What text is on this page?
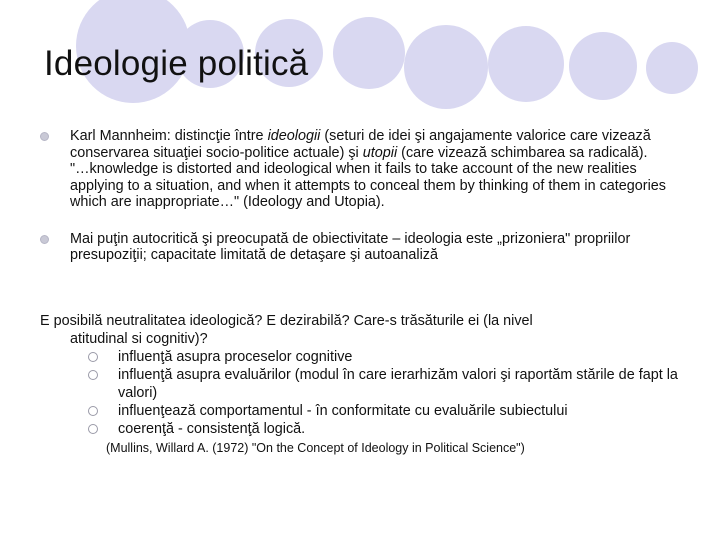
Ideologie politică
Karl Mannheim: distincţie între ideologii (seturi de idei şi angajamente valorice care vizează conservarea situaţiei socio-politice actuale) şi utopii (care vizează schimbarea sa radicală).
"…knowledge is distorted and ideological when it fails to take account of the new realities applying to a situation, and when it attempts to conceal them by thinking of them in categories which are inappropriate…" (Ideology and Utopia).
Mai puţin autocritică şi preocupată de obiectivitate – ideologia este „prizoniera" propriilor presupoziţii; capacitate limitată de detaşare şi autoanaliză
E posibilă neutralitatea ideologică? E dezirabilă? Care-s trăsăturile ei (la nivel
atitudinal si cognitiv)?
influenţă asupra proceselor cognitive
influenţă asupra evaluărilor (modul în care ierarhizăm valori şi raportăm stările de fapt la valori)
influenţează comportamentul - în conformitate cu evaluările subiectului
coerenţă - consistenţă logică.
(Mullins, Willard A. (1972) "On the Concept of Ideology in Political Science")
